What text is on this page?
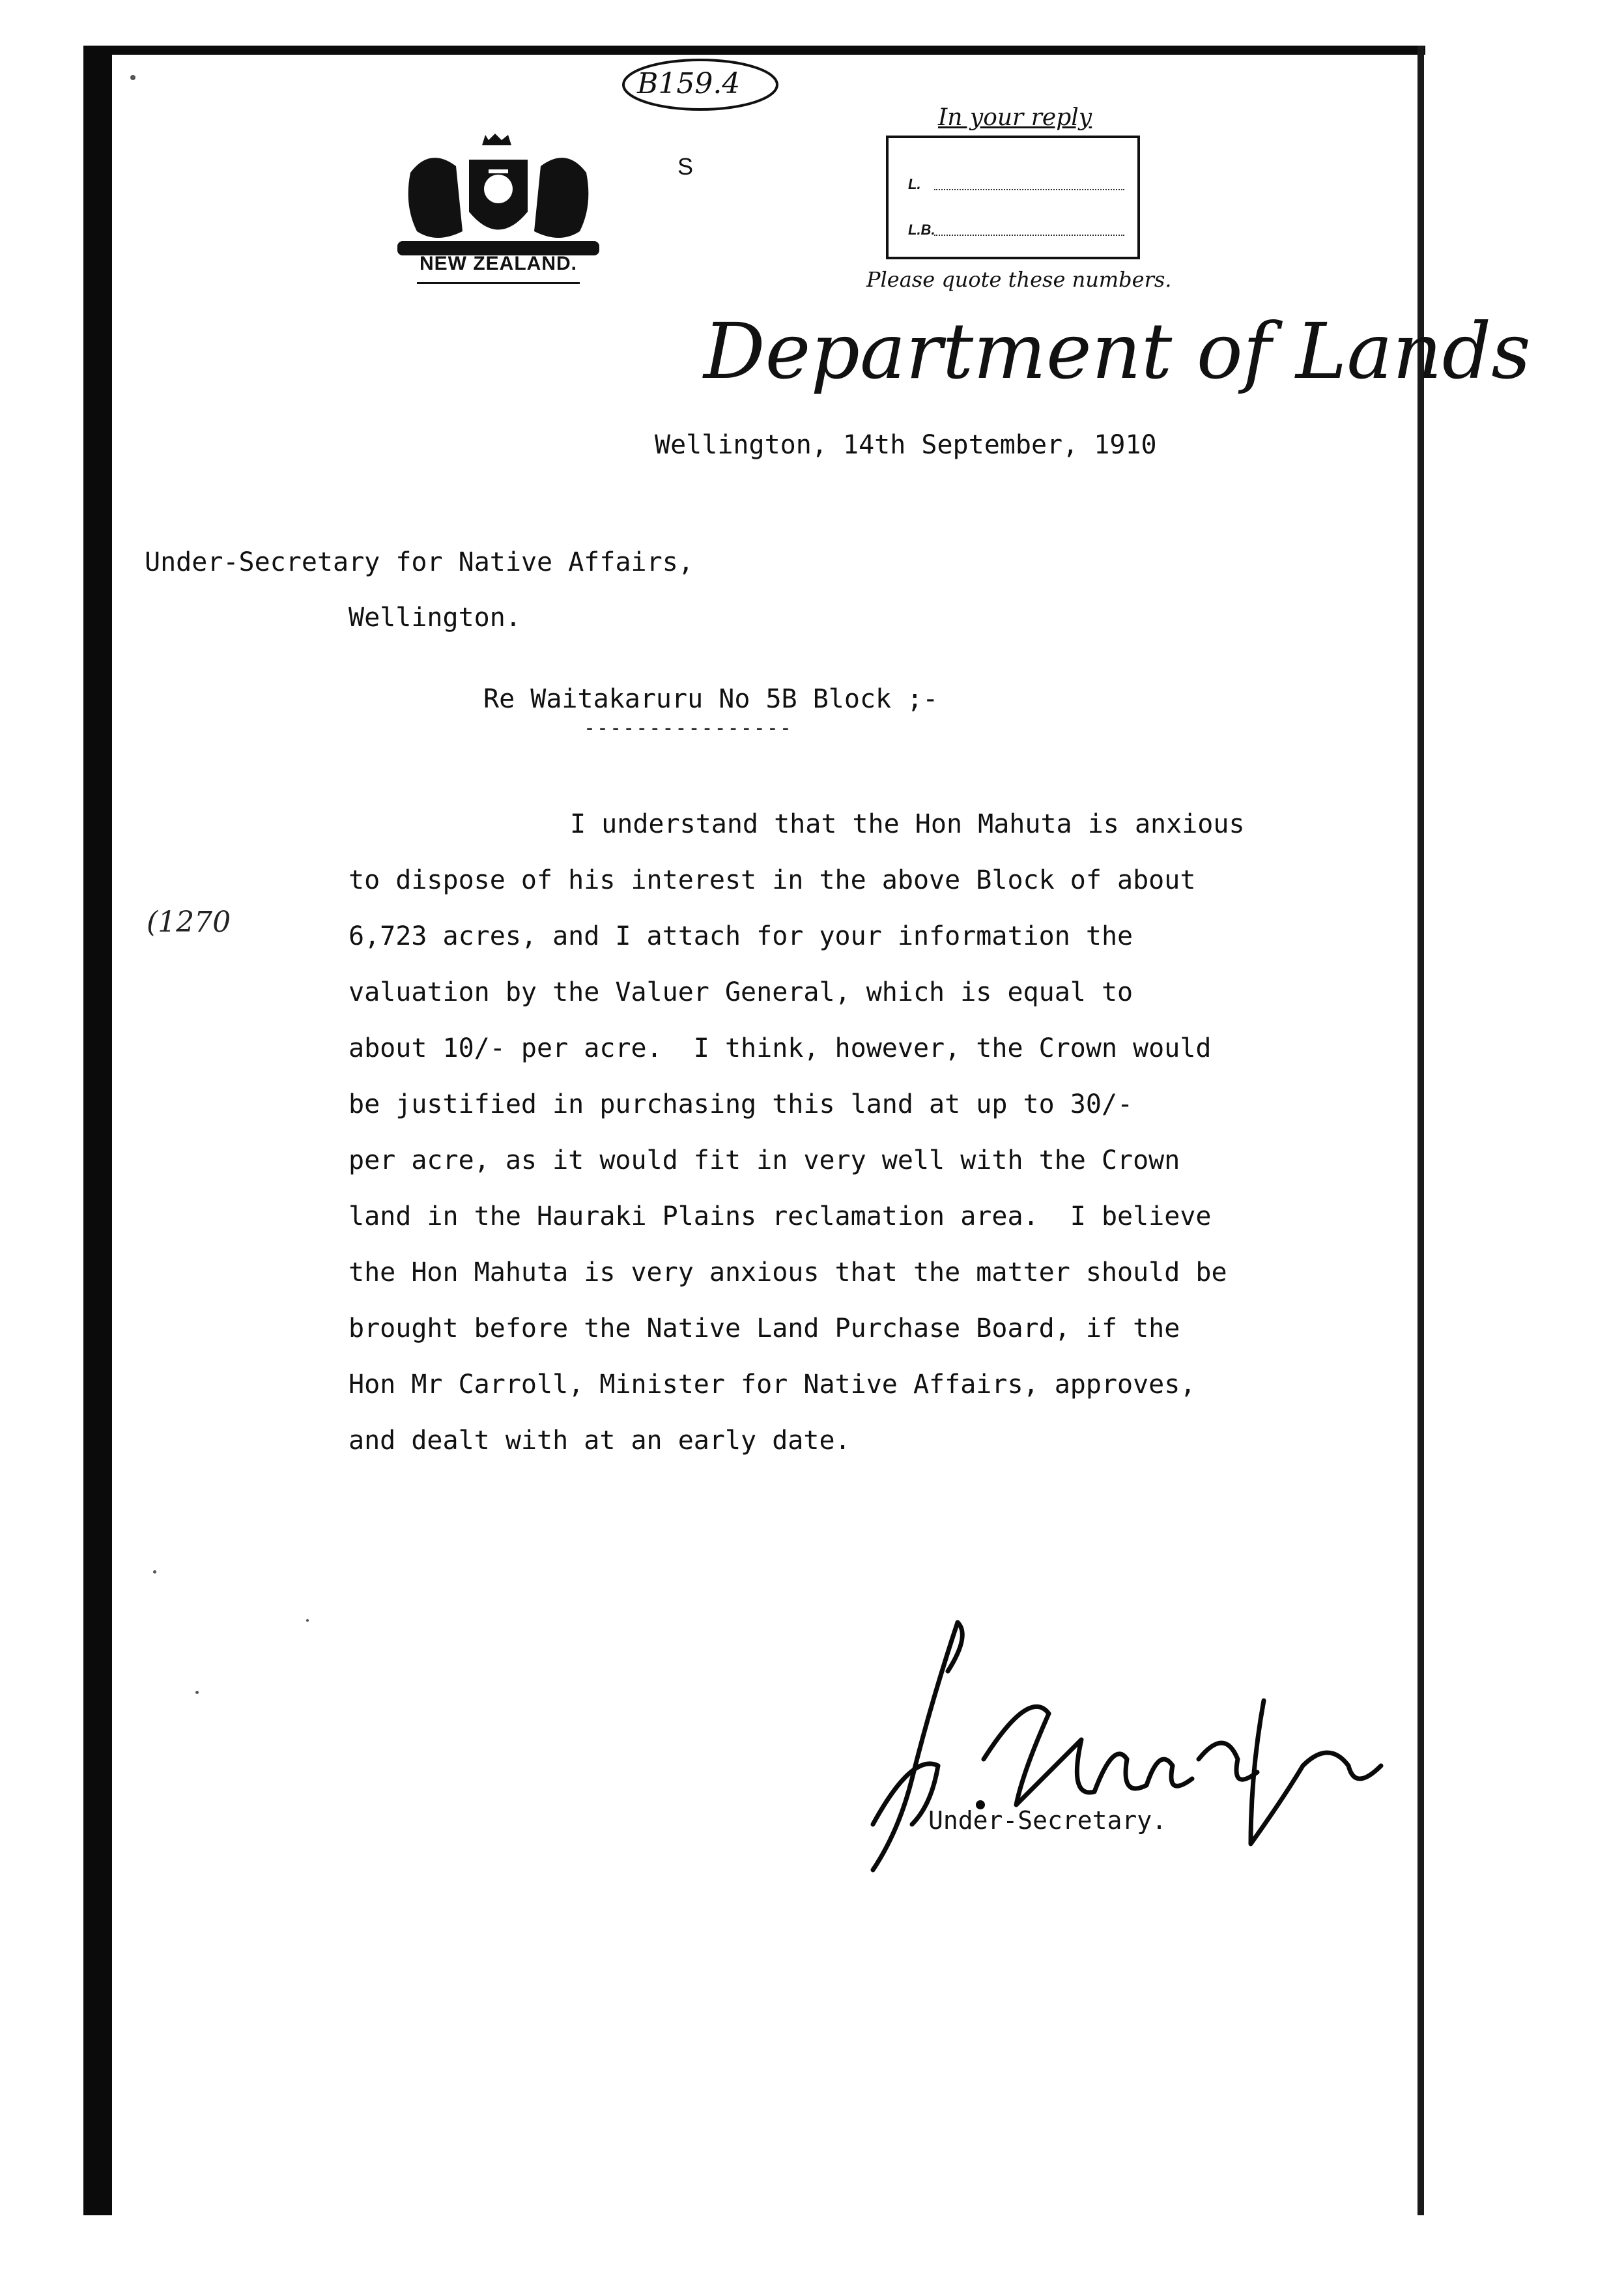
B159.4
NEW ZEALAND.
S
In your reply
L.
L.B.
Please quote these numbers.
Department of Lands
Wellington, 14th September, 1910
Under-Secretary for Native Affairs,
Wellington.
Re Waitakaruru No 5B Block ;-
----------------
(1270
I understand that the Hon Mahuta is anxious
to dispose of his interest in the above Block of about
6,723 acres, and I attach for your information the
valuation by the Valuer General, which is equal to
about 10/- per acre.  I think, however, the Crown would
be justified in purchasing this land at up to 30/-
per acre, as it would fit in very well with the Crown
land in the Hauraki Plains reclamation area.  I believe
the Hon Mahuta is very anxious that the matter should be
brought before the Native Land Purchase Board, if the
Hon Mr Carroll, Minister for Native Affairs, approves,
and dealt with at an early date.
Under-Secretary.
